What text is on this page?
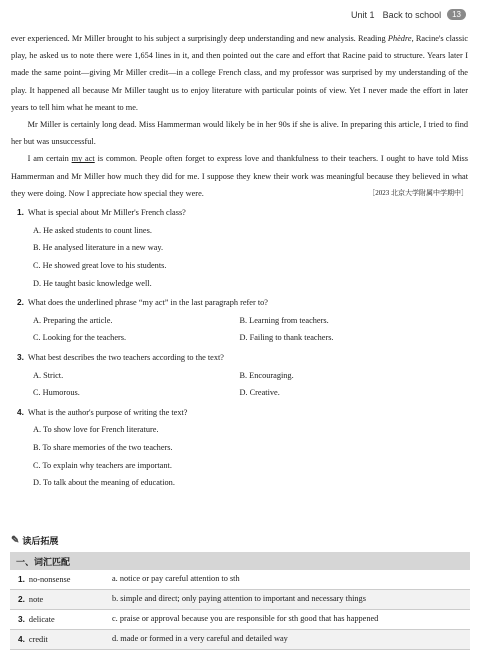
Unit 1 Back to school	13

ever experienced. Mr Miller brought to his subject a surprisingly deep understanding and new analysis. Reading Phèdre, Racine's classic play, he asked us to note there were 1,654 lines in it, and then pointed out the care and effort that Racine paid to structure. Years later I made the same point—giving Mr Miller credit—in a college French class, and my professor was surprised by my understanding of the play. It happened all because Mr Miller taught us to enjoy literature with particular points of view. Yet I never made the effort in later years to tell him what he meant to me.

Mr Miller is certainly long dead. Miss Hammerman would likely be in her 90s if she is alive. In preparing this article, I tried to find her but was unsuccessful.

I am certain my act is common. People often forget to express love and thankfulness to their teachers. I ought to have told Miss Hammerman and Mr Miller how much they did for me. I suppose they knew their work was meaningful because they believed in what they were doing. Now I appreciate how special they were.	［2023 北京大学附属中学期中］
1. What is special about Mr Miller's French class?
A. He asked students to count lines.
B. He analysed literature in a new way.
C. He showed great love to his students.
D. He taught basic knowledge well.
2. What does the underlined phrase “my act” in the last paragraph refer to?
A. Preparing the article.	B. Learning from teachers.
C. Looking for the teachers.	D. Failing to thank teachers.
3. What best describes the two teachers according to the text?
A. Strict.	B. Encouraging.
C. Humorous.	D. Creative.
4. What is the author's purpose of writing the text?
A. To show love for French literature.
B. To share memories of the two teachers.
C. To explain why teachers are important.
D. To talk about the meaning of education.
✎ 读后拓展
一、词汇匹配
1. no-nonsense	a. notice or pay careful attention to sth
2. note	b. simple and direct; only paying attention to important and necessary things
3. delicate	c. praise or approval because you are responsible for sth good that has happened
4. credit	d. made or formed in a very careful and detailed way
